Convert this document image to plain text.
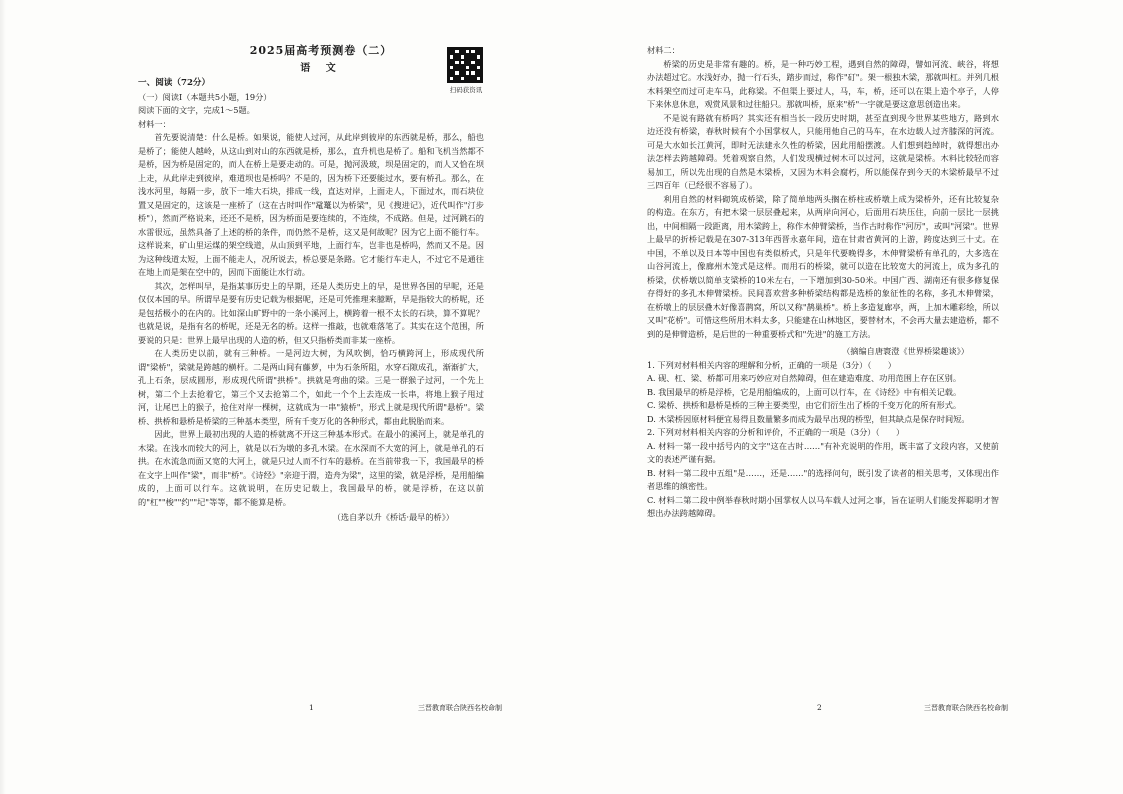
2025届高考预测卷（二）
语 文
一、阅读（72分）
（一）阅读Ⅰ（本题共5小题，19分）
阅读下面的文字，完成1～5题。
材料一：

首先要说清楚：什么是桥。如果说，能使人过河，从此岸到彼岸的东西就是桥，那么，船也是桥了；能使人越岭，从这山到对山的东西就是桥，那么，直升机也是桥了。船和飞机当然都不是桥，因为桥是固定的，而人在桥上是要走动的。可是，抛河汲玻，坝是固定的，而人又恰在坝上走，从此岸走到彼岸，难道坝也是桥吗？不是的，因为桥下还要能过水，要有桥孔。那么，在浅水河里，每隔一步，放下一堆大石块，排成一线，直达对岸，上面走人，下面过水，而石块位置又是固定的，这该是一座桥了（这在古时叫作"鼋鼍以为桥梁"，见《搜进记》，近代叫作"汀步桥"），然而严格说来，还还不是桥，因为桥面是要连续的，不连续，不成路。但是，过河跳石的水雷很远，虽然具备了上述的桥的条件，而仍然不是桥，这又是何故呢？因为它上面不能行车。这样说来，矿山里运煤的架空线道，从山顶到平地，上面行车，岂非也是桥吗，然而又不是。因为这种线道太短，上面不能走人，况所说去，桥总要是条路。它才能行车走人，不过它不是通往在地上而是架在空中的，因而下面能让水行动。

其次，怎样叫早，是指某事历史上的早期，还是人类历史上的早，是世界各国的早呢，还是仅仅本国的早。所谓早是要有历史记载为根据呢，还是可凭推理来臆断，早是指较大的桥呢，还是包括极小的在内的。比如深山旷野中的一条小溪河上，横跨着一根不太长的石块，算不算呢？也就是说，是指有名的桥呢，还是无名的桥。这样一推敲，也就难落笔了。其实在这个范围，所要说的只是：世界上最早出现的人造的桥，但又只指桥类而非某一座桥。

在人类历史以前，就有三种桥。一是河边大树，为风吹倒，恰巧横跨河上，形成现代所谓"梁桥"，梁就是跨越的横杆。二是两山间有藤萝，中为石条所阻，水穿石隙成孔，渐渐扩大，孔上石条，层成圆形，形成现代所谓"拱桥"。拱就是弯曲的梁。三是一群猴子过河，一个先上树，第二个上去抢着它，第三个又去抢第二个，如此一个个上去连成一长串，将地上猴子甩过河，让尾巴上的猴子，抢住对岸一棵树，这就成为一串"猿桥"，形式上就是现代所谓"悬桥"。梁桥、拱桥和悬桥是桥梁的三种基本类型，所有千变万化的各种形式，都由此脱胎而来。

因此，世界上最初出现的人造的桥就离不开这三种基本形式。在最小的溪河上，就是单孔的木梁。在浅水而较大的河上，就是以石为墩的多孔木梁。在水深而不大宽的河上，就是单孔的石拱。在水流急而面又宽的大河上，就是只过人而不行车的悬桥。在当前带我一下，我国最早的桥在文字上叫作"梁"，而非"桥"。《诗经》"亲迎于渭，造舟为梁"，这里的梁，就是浮桥，是用船编成的，上面可以行车。这就说明，在历史记载上，我国最早的桥，就是浮桥，在这以前的"杠""梭""约""圮"等等，都不能算是桥。

（选自茅以升《桥话·最早的桥》）
扫码获资讯
1	三晋教育联合陕西名校命制
材料二：

桥梁的历史是非常有趣的。桥，是一种巧妙工程，遇到自然的障碍，譬如河流、峡谷，将想办法超过它。水浅好办，抛一行石头，踏步而过，称作"矴"。架一根独木梁，那就叫杠。并列几根木料架空而过可走车马，此称梁。不但渠上要过人，马，车，桥，还可以在渠上造个亭子，人停下来休息休息，观赏风景和过往船只。那就叫桥，原来"桥"一字就是要这意思创造出来。

不是说有路就有桥吗？其实还有相当长一段历史时期，甚至直到现今世界某些地方，路到水边还没有桥梁，春秋时候有个小国掌权人，只能用他自己的马车，在水边载人过齐膝深的河流。可是大水如长江黄河，即时无法建永久性的桥梁，因此用船摆渡。人们想到趋绰时，就得想出办法怎样去跨越障碍。凭着观察自然，人们发现横过树木可以过河，这就是梁桥。木料比较轻而容易加工，所以先出现的自然是木梁桥，又因为木料会腐朽，所以能保存到今天的木梁桥最早不过三四百年（已经很不容易了）。

利用自然的材料砌筑成桥梁，除了简单地两头搁在桥柱或桥墩上成为梁桥外，还有比较复杂的构造。在东方，有把木梁一层层叠起来，从两岸向河心，后面用石块压住，向前一层比一层挑出，中间相隔一段距离，用木梁跨上，称作木伸臂梁桥，当作古时称作"河厉"，或叫"河梁"。世界上最早的折桥记载是在307-313年西晋永嘉年间，造在甘肃省黄河的上游，跨度达到三十丈。在中国，不单以及日本等中国也有类似桥式，只是年代要晚得多，木伸臂梁桥有单孔的，大多选在山谷河流上，像廊州木笼式是这样。而用石的桥梁，就可以造在比较宽大的河流上，成为多孔的桥梁，伏桥墩以简单支梁桥的10米左右，一下增加到30-50米。中国广西、湖南还有很多修复保存得好的多孔木伸臂梁桥。民间喜欢营多种桥梁结构都是选桥的象征性的名称，多孔木伸臂梁，在桥墩上的层层叠木好像喜鹊窝，所以又称"鹊巢桥"。桥上多造复廊亭，两，上加木雕彩绘，所以又叫"花桥"。可惜这些所用木料太多，只能建在山林地区，要替材木，不会再大量去建造桥，都不到的是伸臂造桥，是后世的一种重要桥式和"先进"的施工方法。

（摘编自唐寰澄《世界桥梁趣谈》）

1. 下列对材料相关内容的理解和分析，正确的一项是（3分）（　　）

A. 砚、杠、梁、桥都可用来巧妙应对自然障碍，但在建造难度、功用范围上存在区别。

B. 我国最早的桥是浮桥，它是用船编成的，上面可以行车，在《诗经》中有相关记载。

C. 梁桥、拱桥和悬桥是桥的三种主要类型，由它们衍生出了桥的千变万化的所有形式。

D. 木梁桥因原材料便宜易得且数量繁多而成为最早出现的桥型，但其缺点是保存时间短。

2. 下列对材料相关内容的分析和评价，不正确的一项是（3分）（　　）

A. 材料一第一段中括号内的文字"这在古时……"有补充说明的作用，既丰富了文段内容，又使前文的表述严谨有据。

B. 材料一第二段中五组"是……，还是……"的选择问句，既引发了读者的相关思考，又体现出作者思维的缜密性。

C. 材料二第二段中例举春秋时期小国掌权人以马车载人过河之事，旨在证明人们能发挥聪明才智想出办法跨越障碍。

2	三晋教育联合陕西名校命制
